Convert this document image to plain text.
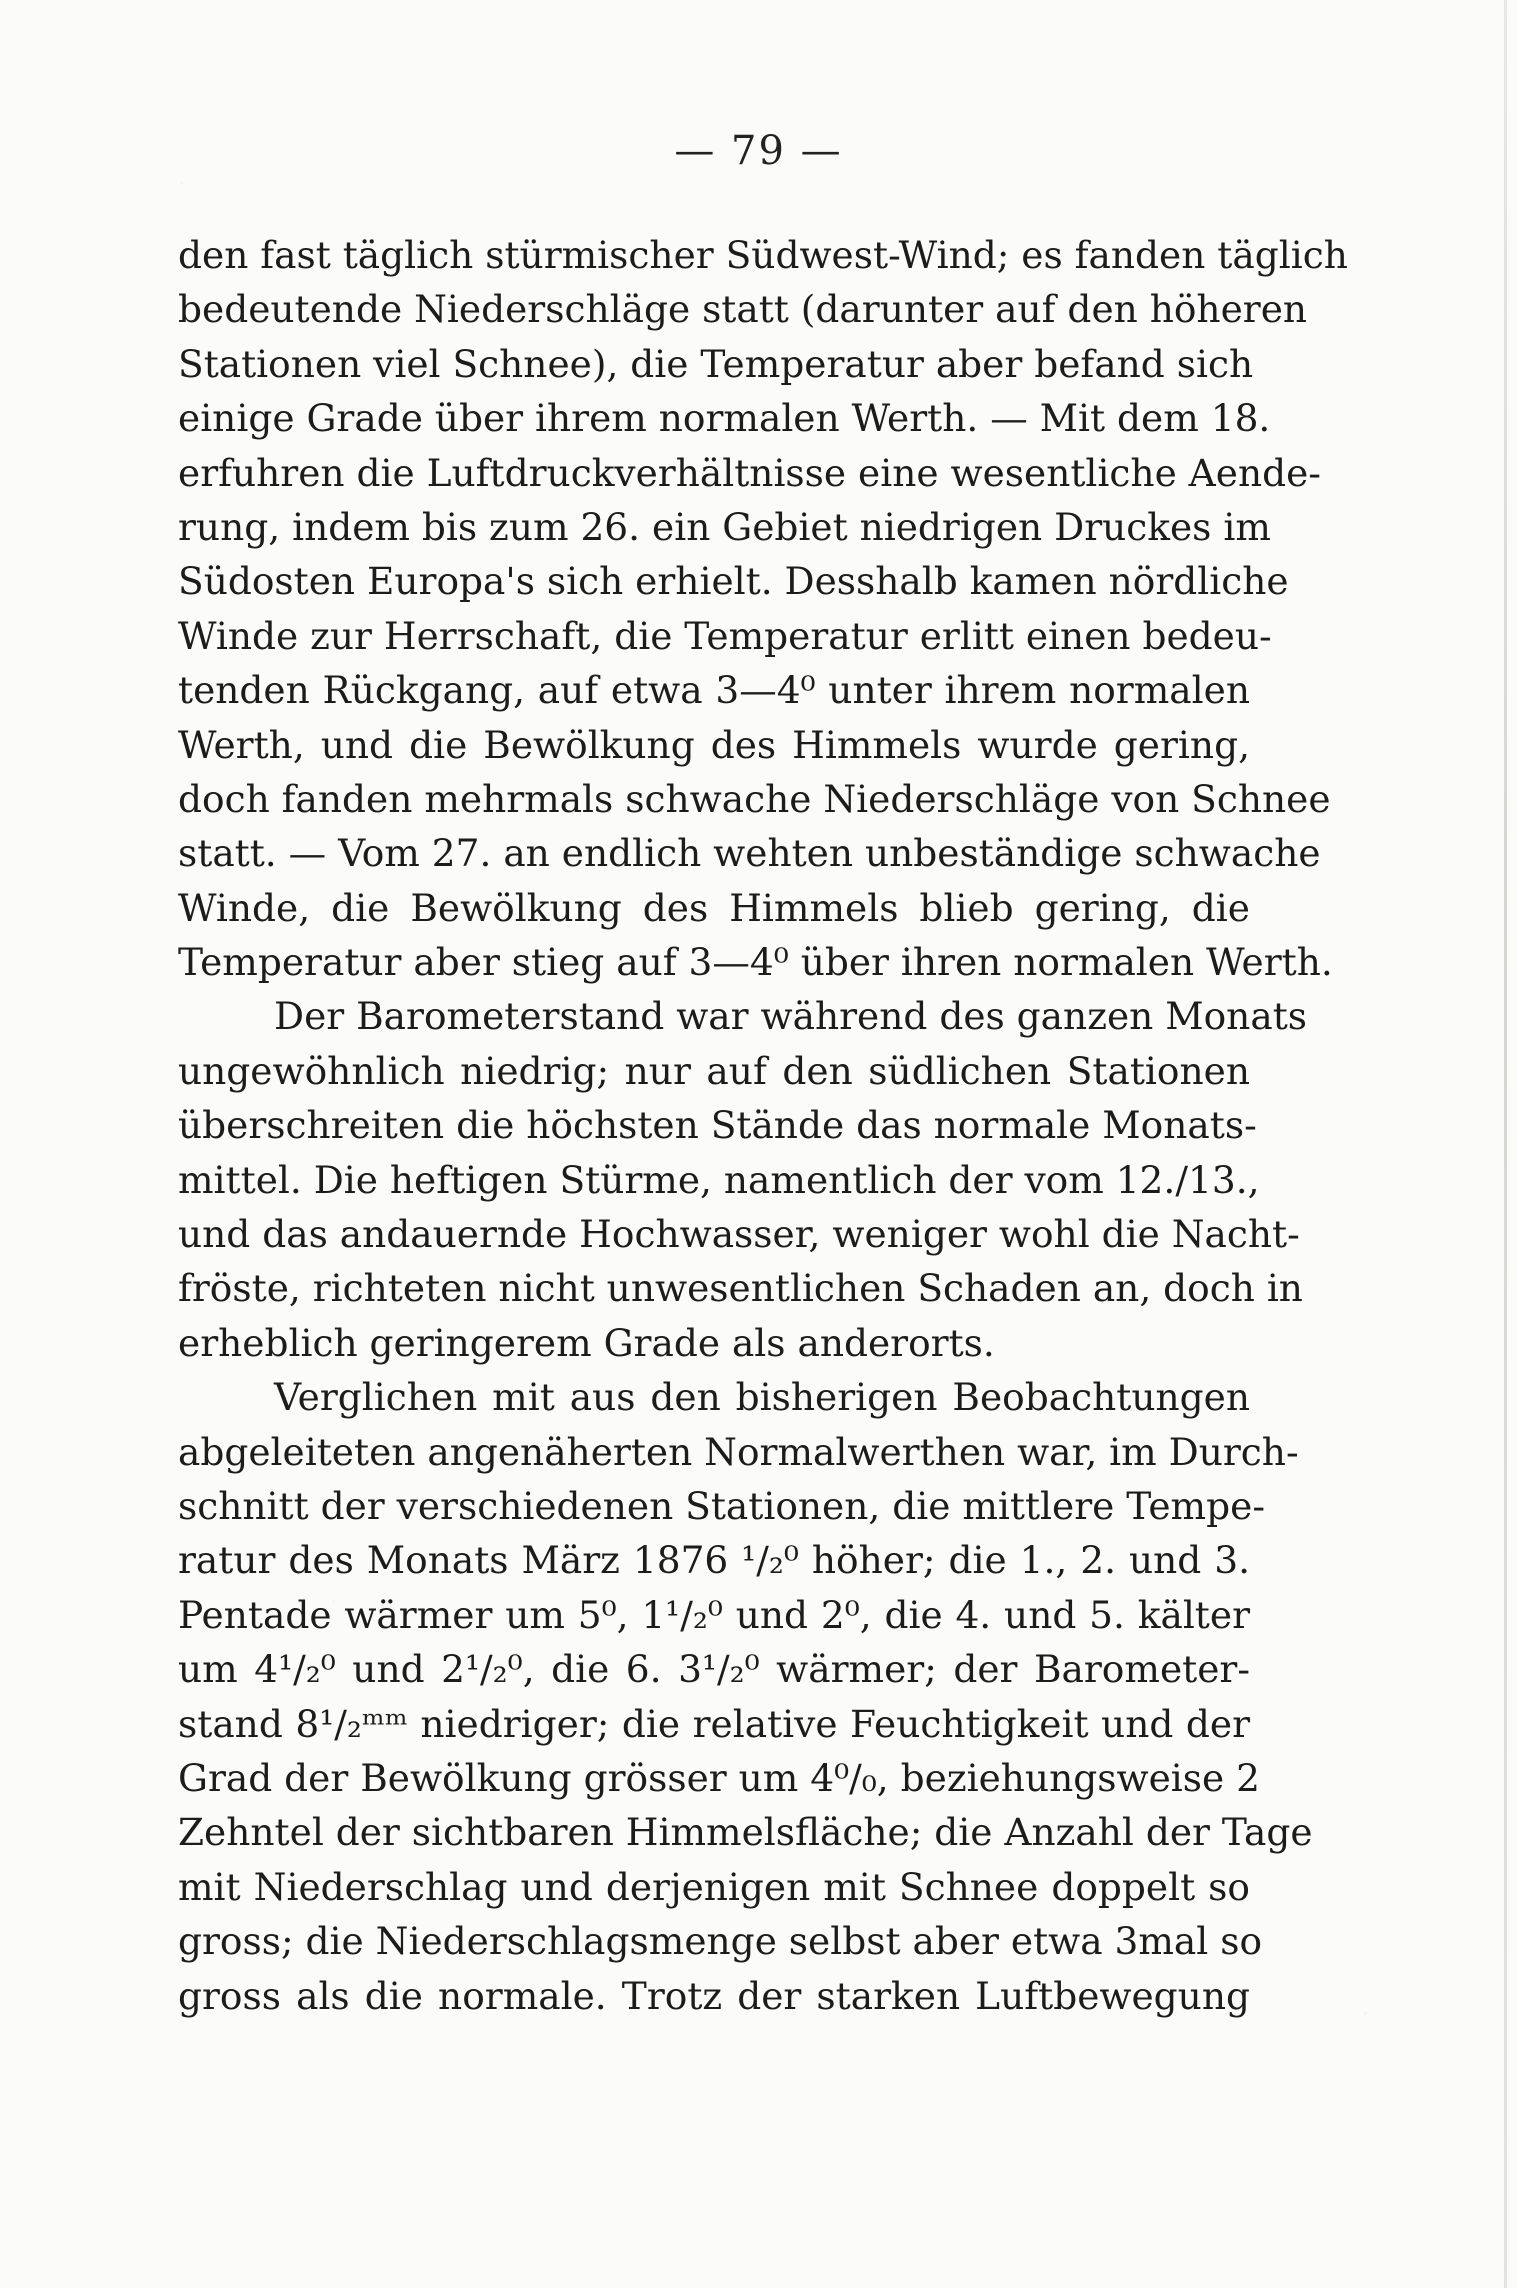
— 79 —
den fast täglich stürmischer Südwest-Wind; es fanden täglich
bedeutende Niederschläge statt (darunter auf den höheren
Stationen viel Schnee), die Temperatur aber befand sich
einige Grade über ihrem normalen Werth. — Mit dem 18.
erfuhren die Luftdruckverhältnisse eine wesentliche Aende-
rung, indem bis zum 26. ein Gebiet niedrigen Druckes im
Südosten Europa's sich erhielt. Desshalb kamen nördliche
Winde zur Herrschaft, die Temperatur erlitt einen bedeu-
tenden Rückgang, auf etwa 3—4⁰ unter ihrem normalen
Werth, und die Bewölkung des Himmels wurde gering,
doch fanden mehrmals schwache Niederschläge von Schnee
statt. — Vom 27. an endlich wehten unbeständige schwache
Winde, die Bewölkung des Himmels blieb gering, die
Temperatur aber stieg auf 3—4⁰ über ihren normalen Werth.
Der Barometerstand war während des ganzen Monats
ungewöhnlich niedrig; nur auf den südlichen Stationen
überschreiten die höchsten Stände das normale Monats-
mittel. Die heftigen Stürme, namentlich der vom 12./13.,
und das andauernde Hochwasser, weniger wohl die Nacht-
fröste, richteten nicht unwesentlichen Schaden an, doch in
erheblich geringerem Grade als anderorts.
Verglichen mit aus den bisherigen Beobachtungen
abgeleiteten angenäherten Normalwerthen war, im Durch-
schnitt der verschiedenen Stationen, die mittlere Tempe-
ratur des Monats März 1876 ¹/₂⁰ höher; die 1., 2. und 3.
Pentade wärmer um 5⁰, 1¹/₂⁰ und 2⁰, die 4. und 5. kälter
um 4¹/₂⁰ und 2¹/₂⁰, die 6. 3¹/₂⁰ wärmer; der Barometer-
stand 8¹/₂ᵐᵐ niedriger; die relative Feuchtigkeit und der
Grad der Bewölkung grösser um 4⁰/₀, beziehungsweise 2
Zehntel der sichtbaren Himmelsfläche; die Anzahl der Tage
mit Niederschlag und derjenigen mit Schnee doppelt so
gross; die Niederschlagsmenge selbst aber etwa 3mal so
gross als die normale. Trotz der starken Luftbewegung
